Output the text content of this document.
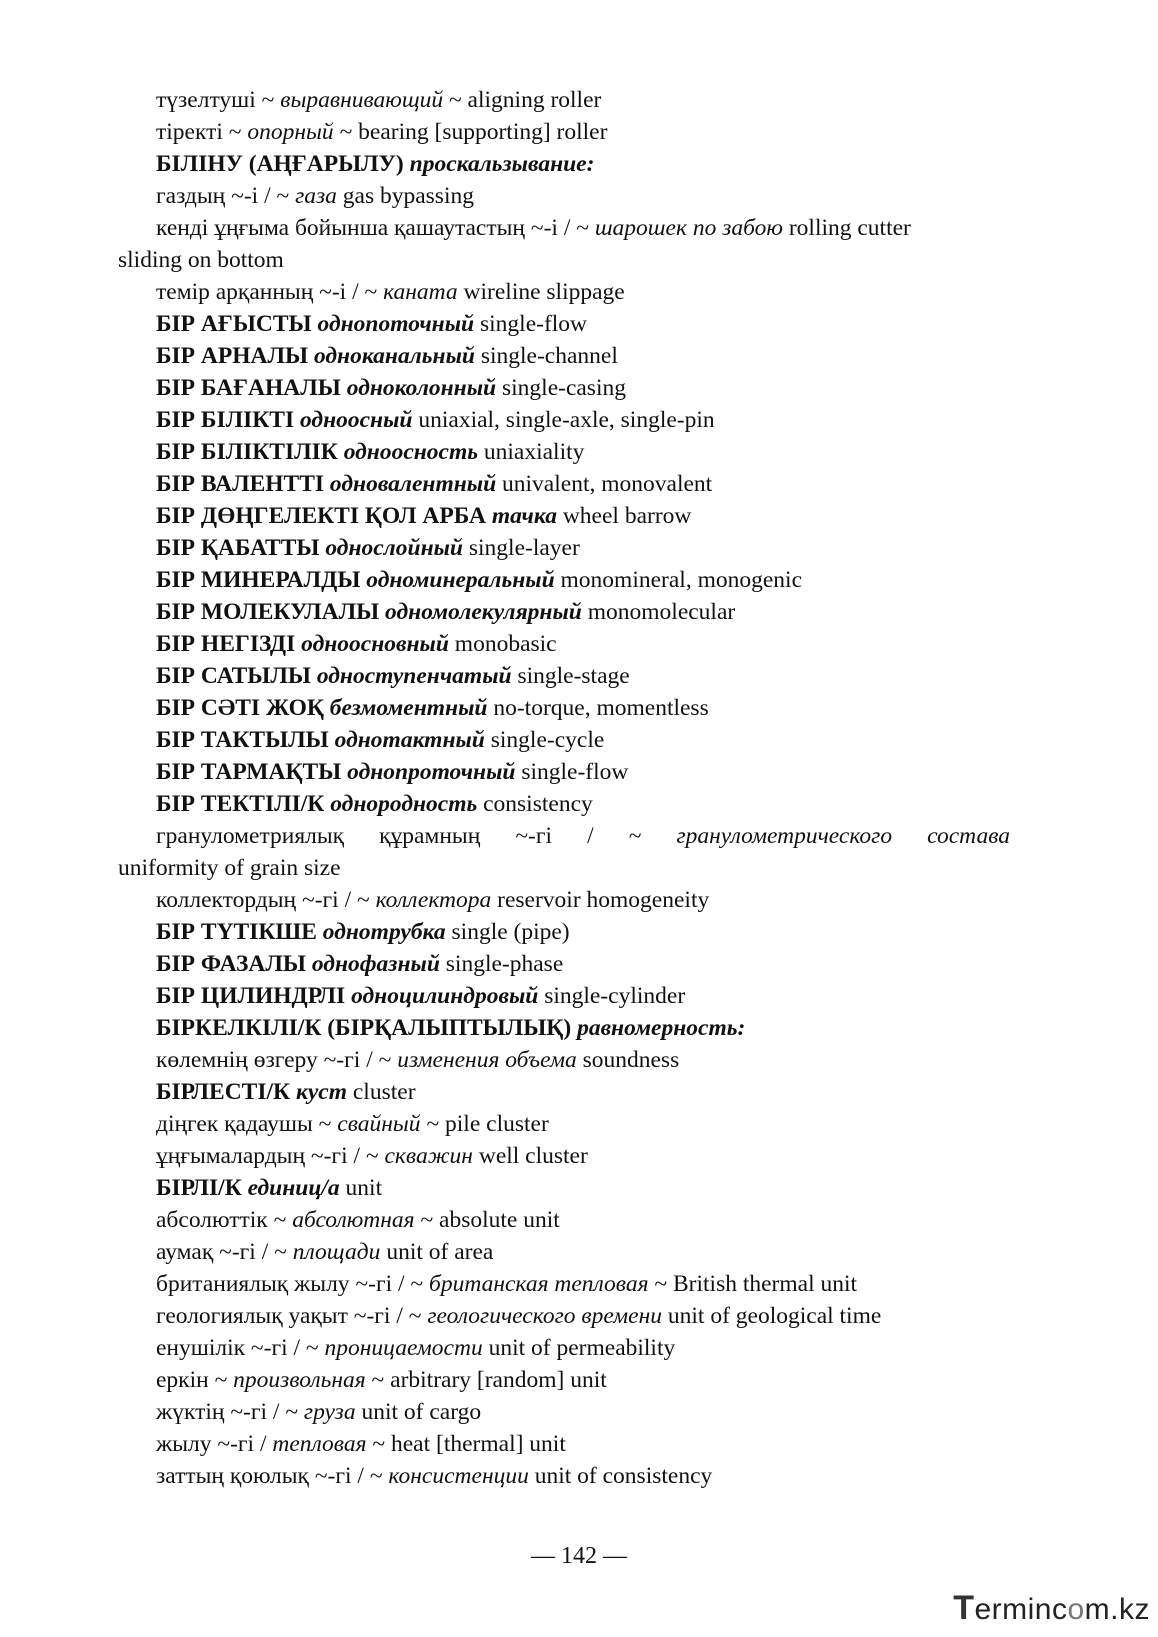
түзелтуші ~ выравнивающий ~ aligning roller
тіректі ~ опорный ~ bearing [supporting] roller
БІЛІНУ (АҢҒАРЫЛУ) проскальзывание:
газдың ~-і / ~ газа gas bypassing
кенді ұңғыма бойынша қашаутастың ~-і / ~ шарошек по забою rolling cutter
sliding on bottom
темір арқанның ~-і / ~ каната wireline slippage
БІР АҒЫСТЫ однопоточный single-flow
БІР АРНАЛЫ одноканальный single-channel
БІР БАҒАНАЛЫ одноколонный single-casing
БІР БІЛІКТІ одноосный uniaxial, single-axle, single-pin
БІР БІЛІКТІЛІК одноосность uniaxiality
БІР ВАЛЕНТТІ одновалентный univalent, monovalent
БІР ДӨҢГЕЛЕКТІ ҚОЛ АРБА тачка wheel barrow
БІР ҚАБАТТЫ однослойный single-layer
БІР МИНЕРАЛДЫ одноминеральный monomineral, monogenic
БІР МОЛЕКУЛАЛЫ одномолекулярный monomolecular
БІР НЕГІЗДІ одноосновный monobasic
БІР САТЫЛЫ одноступенчатый single-stage
БІР СӘТІ ЖОҚ безмоментный no-torque, momentless
БІР ТАКТЫЛЫ однотактный single-cycle
БІР ТАРМАҚТЫ однопроточный single-flow
БІР ТЕКТІЛІ/К однородность consistency
гранулометриялық құрамның ~-гі / ~ гранулометрического состава
uniformity of grain size
коллектордың ~-гі / ~ коллектора reservoir homogeneity
БІР ТҮТІКШЕ однотрубка single (pipe)
БІР ФАЗАЛЫ однофазный single-phase
БІР ЦИЛИНДРЛІ одноцилиндровый single-cylinder
БІРКЕЛКІЛІ/К (БІРҚАЛЫПТЫЛЫҚ) равномерность:
көлемнің өзгеру ~-гі / ~ изменения объема soundness
БІРЛЕСТІ/К куст cluster
діңгек қадаушы ~ свайный ~ pile cluster
ұңғымалардың ~-гі / ~ скважин well cluster
БІРЛІ/К единиц/а unit
абсолюттік ~ абсолютная ~ absolute unit
аумақ ~-гі / ~ площади unit of area
британиялық жылу ~-гі / ~ британская тепловая ~ British thermal unit
геологиялық уақыт ~-гі / ~ геологического времени unit of geological time
енушілік ~-гі / ~ проницаемости unit of permeability
еркін ~ произвольная ~ arbitrary [random] unit
жүктің ~-гі / ~ груза unit of cargo
жылу ~-гі / тепловая ~ heat [thermal] unit
заттың қоюлық ~-гі / ~ консистенции unit of consistency
— 142 —
Termincom.kz
